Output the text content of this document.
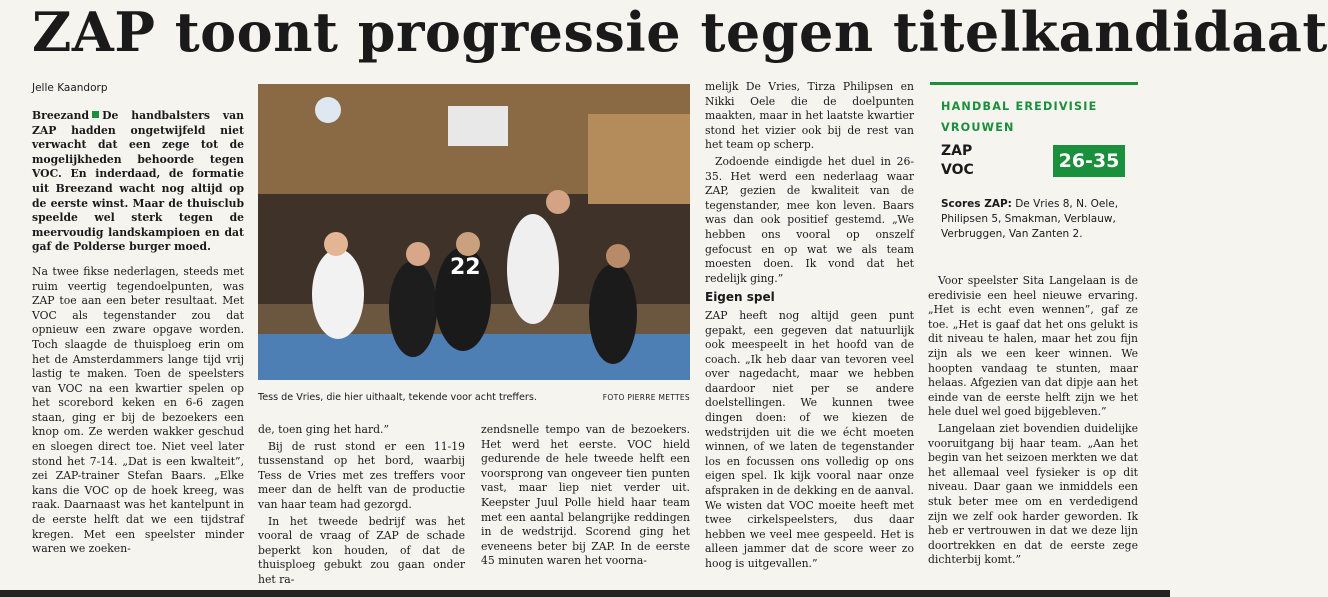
ZAP toont progressie tegen titelkandidaat
Jelle Kaandorp

Breezand De handbalsters van ZAP hadden ongetwijfeld niet verwacht dat een zege tot de mogelijkheden behoorde tegen VOC. En inderdaad, de formatie uit Breezand wacht nog altijd op de eerste winst. Maar de thuisclub speelde wel sterk tegen de meervoudig landskampioen en dat gaf de Polderse burger moed.

Na twee fikse nederlagen, steeds met ruim veertig tegendoelpunten, was ZAP toe aan een beter resultaat. Met VOC als tegenstander zou dat opnieuw een zware opgave worden. Toch slaagde de thuisploeg erin om het de Amsterdammers lange tijd vrij lastig te maken. Toen de speelsters van VOC na een kwartier spelen op het scorebord keken en 6-6 zagen staan, ging er bij de bezoekers een knop om. Ze werden wakker geschud en sloegen direct toe. Niet veel later stond het 7-14. „Dat is een kwalteit”, zei ZAP-trainer Stefan Baars. „Elke kans die VOC op de hoek kreeg, was raak. Daarnaast was het kantelpunt in de eerste helft dat we een tijdstraf kregen. Met een speelster minder waren we zoeken-

22
Tess de Vries, die hier uithaalt, tekende voor acht treffers.	FOTO PIERRE METTES

de, toen ging het hard.”

Bij de rust stond er een 11-19 tussenstand op het bord, waarbij Tess de Vries met zes treffers voor meer dan de helft van de productie van haar team had gezorgd.

In het tweede bedrijf was het vooral de vraag of ZAP de schade beperkt kon houden, of dat de thuisploeg gebukt zou gaan onder het ra-

zendsnelle tempo van de bezoekers. Het werd het eerste. VOC hield gedurende de hele tweede helft een voorsprong van ongeveer tien punten vast, maar liep niet verder uit. Keepster Juul Polle hield haar team met een aantal belangrijke reddingen in de wedstrijd. Scorend ging het eveneens beter bij ZAP. In de eerste 45 minuten waren het voorna-

melijk De Vries, Tirza Philipsen en Nikki Oele die de doelpunten maakten, maar in het laatste kwartier stond het vizier ook bij de rest van het team op scherp.

Zodoende eindigde het duel in 26-35. Het werd een nederlaag waar ZAP, gezien de kwaliteit van de tegenstander, mee kon leven. Baars was dan ook positief gestemd. „We hebben ons vooral op onszelf gefocust en op wat we als team moesten doen. Ik vond dat het redelijk ging.”

Eigen spel

ZAP heeft nog altijd geen punt gepakt, een gegeven dat natuurlijk ook meespeelt in het hoofd van de coach. „Ik heb daar van tevoren veel over nagedacht, maar we hebben daardoor niet per se andere doelstellingen. We kunnen twee dingen doen: of we kiezen de wedstrijden uit die we écht moeten winnen, of we laten de tegenstander los en focussen ons volledig op ons eigen spel. Ik kijk vooral naar onze afspraken in de dekking en de aanval. We wisten dat VOC moeite heeft met twee cirkelspeelsters, dus daar hebben we veel mee gespeeld. Het is alleen jammer dat de score weer zo hoog is uitgevallen.”

HANDBAL EREDIVISIE VROUWEN
ZAP
VOC	26-35
Scores ZAP: De Vries 8, N. Oele, Philipsen 5, Smakman, Verblauw, Verbruggen, Van Zanten 2.

Voor speelster Sita Langelaan is de eredivisie een heel nieuwe ervaring. „Het is echt even wennen”, gaf ze toe. „Het is gaaf dat het ons gelukt is dit niveau te halen, maar het zou fijn zijn als we een keer winnen. We hoopten vandaag te stunten, maar helaas. Afgezien van dat dipje aan het einde van de eerste helft zijn we het hele duel wel goed bijgebleven.”

Langelaan ziet bovendien duidelijke vooruitgang bij haar team. „Aan het begin van het seizoen merkten we dat het allemaal veel fysieker is op dit niveau. Daar gaan we inmiddels een stuk beter mee om en verdedigend zijn we zelf ook harder geworden. Ik heb er vertrouwen in dat we deze lijn doortrekken en dat de eerste zege dichterbij komt.”
